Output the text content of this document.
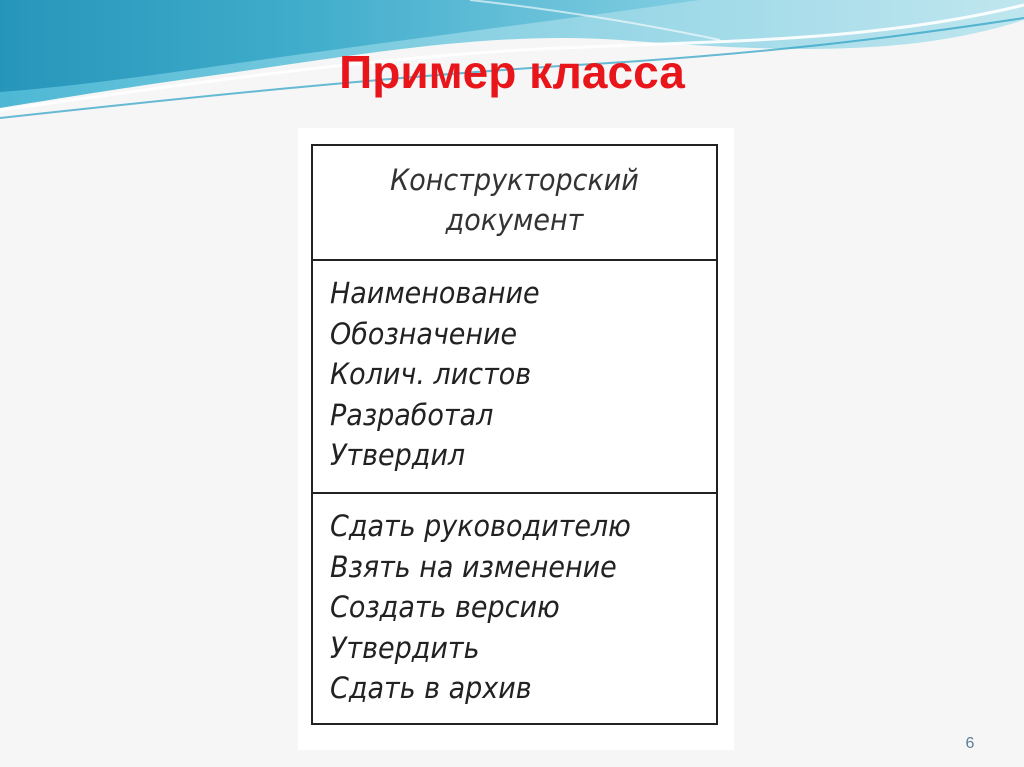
Пример класса
Конструкторский
документ
Наименование
Обозначение
Колич. листов
Разработал
Утвердил
Сдать руководителю
Взять на изменение
Создать версию
Утвердить
Сдать в архив
6
